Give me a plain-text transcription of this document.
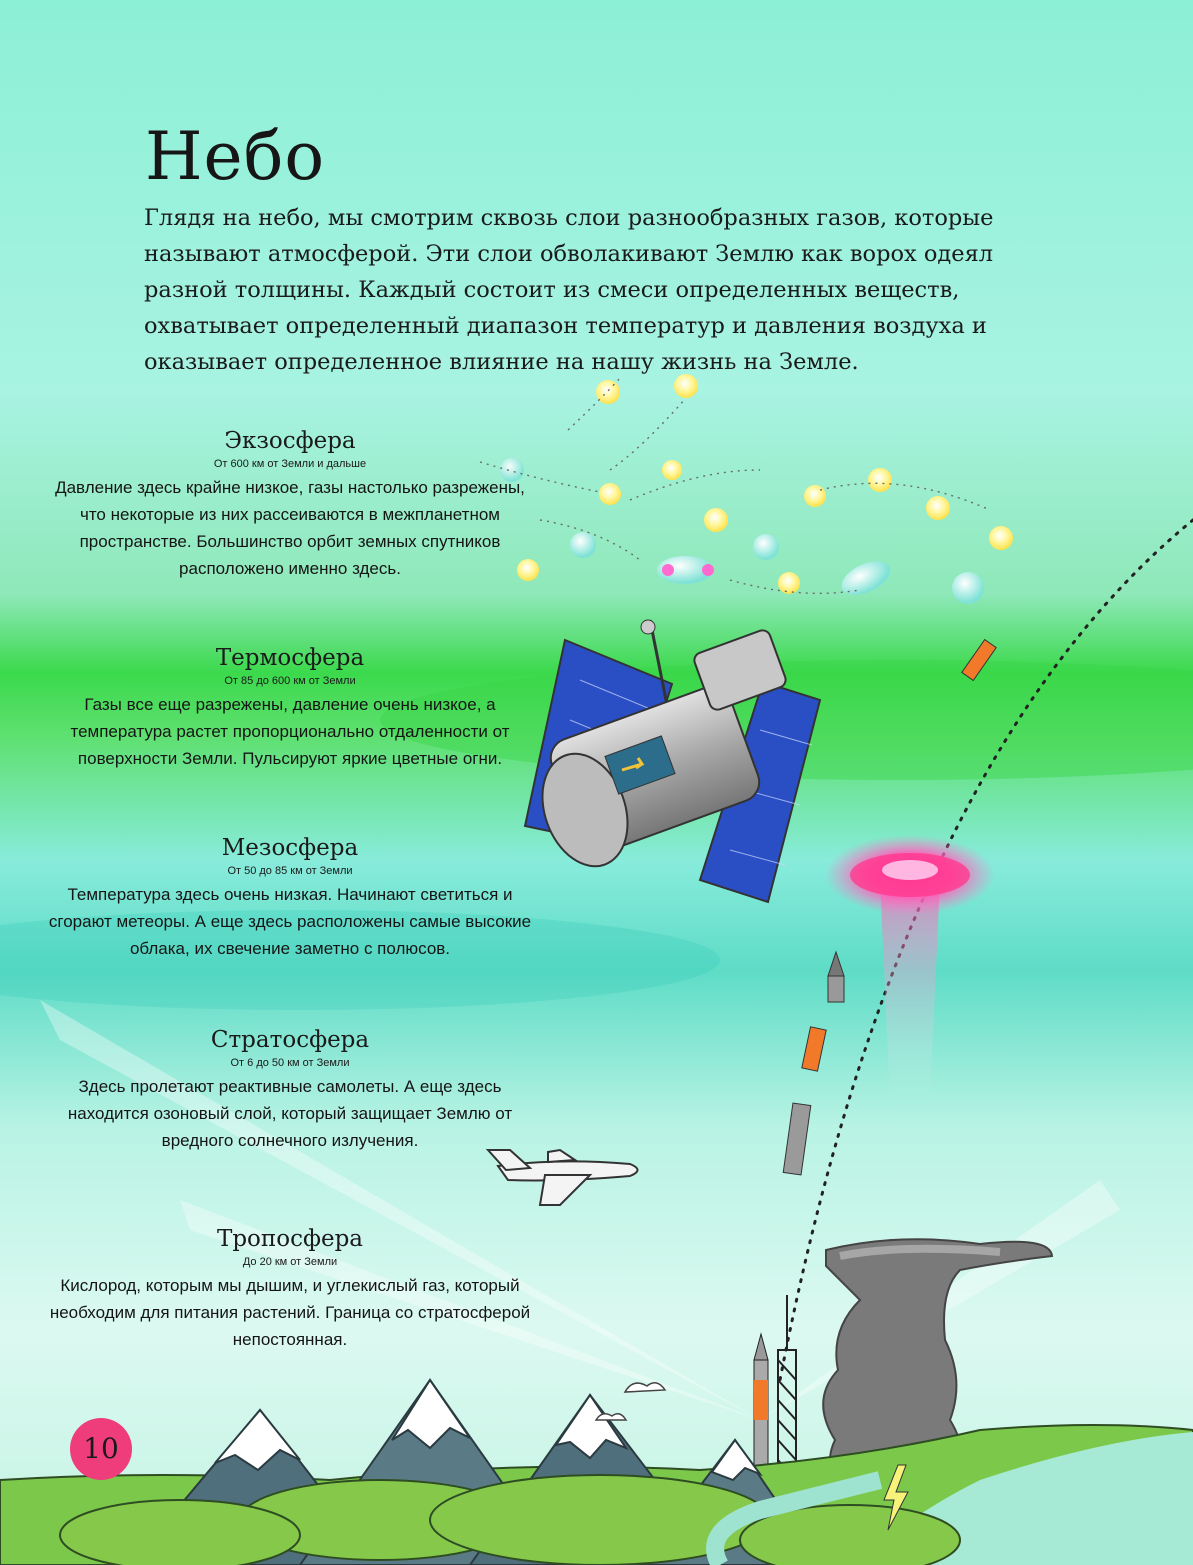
Небо

Глядя на небо, мы смотрим сквозь слои разнообразных газов, которые называют атмосферой. Эти слои обволакивают Землю как ворох одеял разной толщины. Каждый состоит из смеси определенных веществ, охватывает определенный диапазон температур и давления воздуха и оказывает определенное влияние на нашу жизнь на Земле.

Экзосфера
От 600 км от Земли и дальше

Давление здесь крайне низкое, газы настолько разрежены, что некоторые из них рассеиваются в межпланетном пространстве. Большинство орбит земных спутников расположено именно здесь.

Термосфера
От 85 до 600 км от Земли

Газы все еще разрежены, давление очень низкое, а температура растет пропорционально отдаленности от поверхности Земли. Пульсируют яркие цветные огни.

Мезосфера
От 50 до 85 км от Земли

Температура здесь очень низкая. Начинают светиться и сгорают метеоры. А еще здесь расположены самые высокие облака, их свечение заметно с полюсов.

Стратосфера
От 6 до 50 км от Земли

Здесь пролетают реактивные самолеты. А еще здесь находится озоновый слой, который защищает Землю от вредного солнечного излучения.

Тропосфера
До 20 км от Земли

Кислород, которым мы дышим, и углекислый газ, который необходим для питания растений. Граница со стратосферой непостоянная.

10
